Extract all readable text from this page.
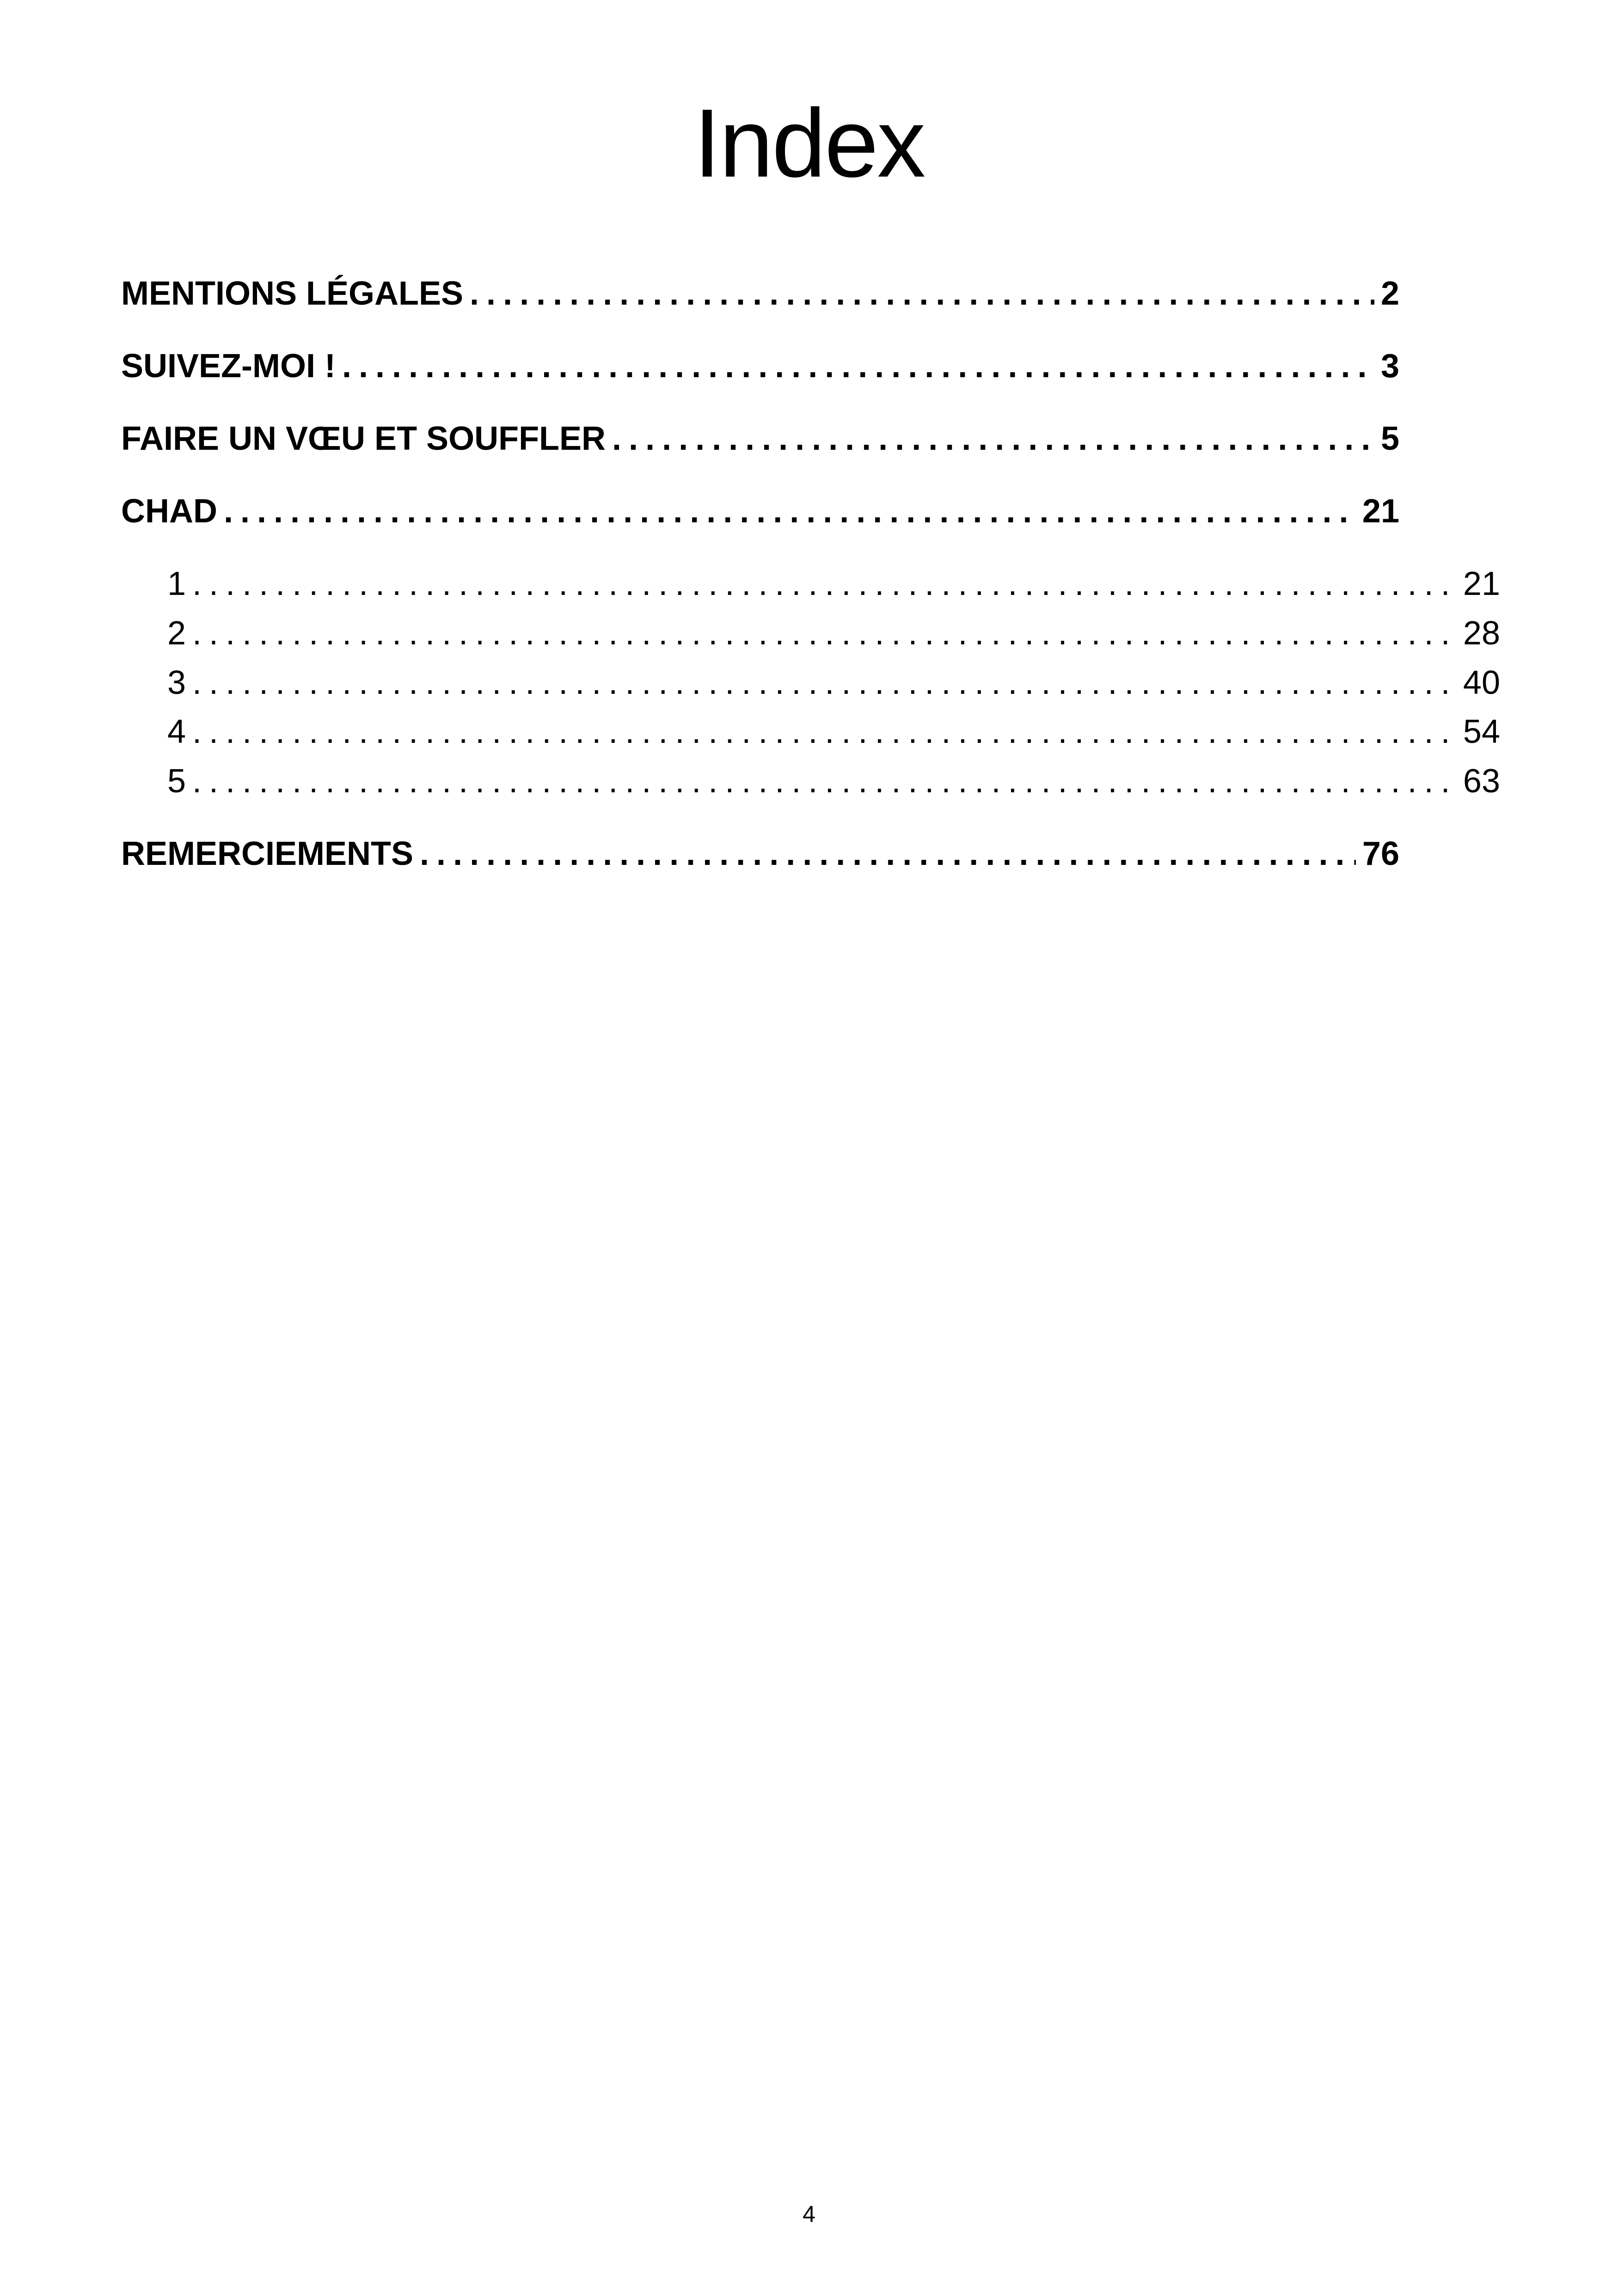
Index
MENTIONS LÉGALES . . .	2
SUIVEZ-MOI ! . . .	3
FAIRE UN VŒU ET SOUFFLER . . .	5
CHAD . . .	21
1 . . .	21
2 . . .	28
3 . . .	40
4 . . .	54
5 . . .	63
REMERCIEMENTS . . .	76
4
